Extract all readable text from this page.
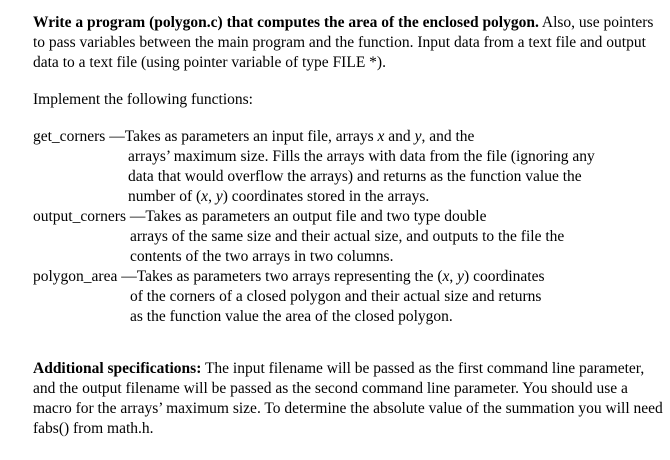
Write a program (polygon.c) that computes the area of the enclosed polygon. Also, use pointers to pass variables between the main program and the function. Input data from a text file and output data to a text file (using pointer variable of type FILE *).

Implement the following functions:

get_corners —Takes as parameters an input file, arrays x and y, and the
arrays’ maximum size. Fills the arrays with data from the file (ignoring any
data that would overflow the arrays) and returns as the function value the
number of (x, y) coordinates stored in the arrays.
output_corners —Takes as parameters an output file and two type double
arrays of the same size and their actual size, and outputs to the file the
contents of the two arrays in two columns.
polygon_area —Takes as parameters two arrays representing the (x, y) coordinates
of the corners of a closed polygon and their actual size and returns
as the function value the area of the closed polygon.

Additional specifications: The input filename will be passed as the first command line parameter, and the output filename will be passed as the second command line parameter. You should use a macro for the arrays’ maximum size. To determine the absolute value of the summation you will need fabs() from math.h.
